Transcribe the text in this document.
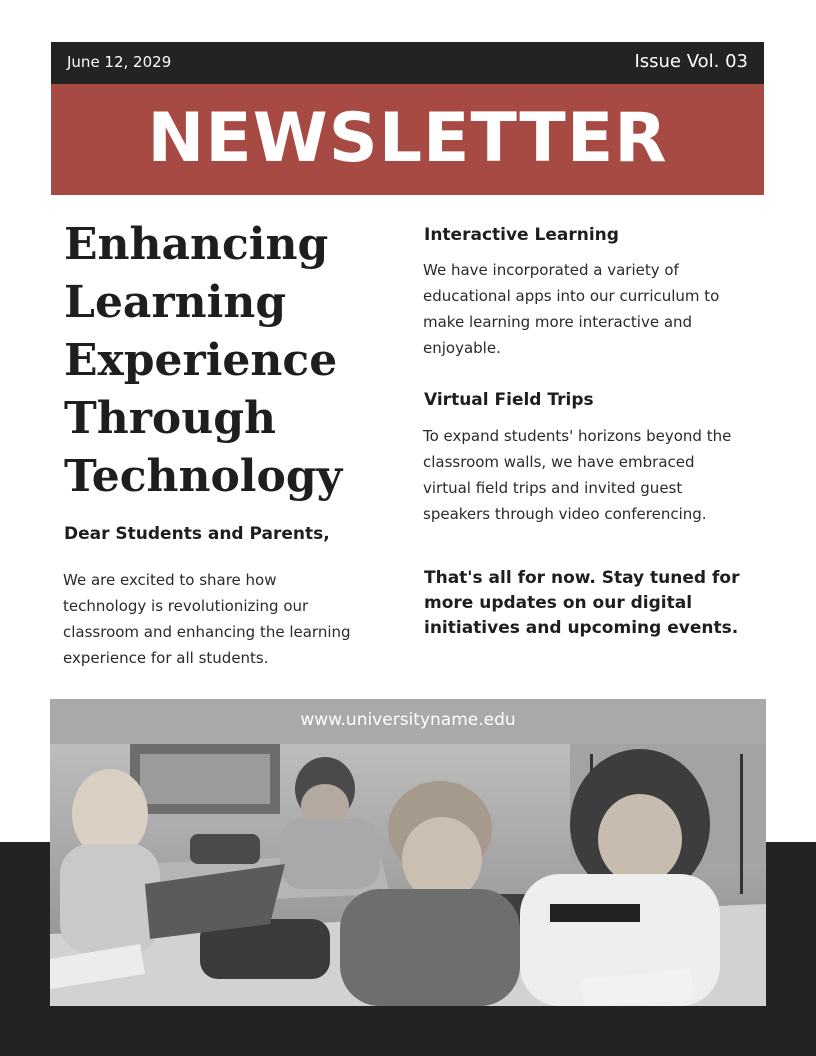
June 12, 2029	Issue Vol. 03
NEWSLETTER
Enhancing
Learning
Experience
Through
Technology
Dear Students and Parents,
We are excited to share how technology is revolutionizing our classroom and enhancing the learning experience for all students.
Interactive Learning
We have incorporated a variety of educational apps into our curriculum to make learning more interactive and enjoyable.
Virtual Field Trips
To expand students' horizons beyond the classroom walls, we have embraced virtual field trips and invited guest speakers through video conferencing.
That's all for now. Stay tuned for more updates on our digital initiatives and upcoming events.
www.universityname.edu
